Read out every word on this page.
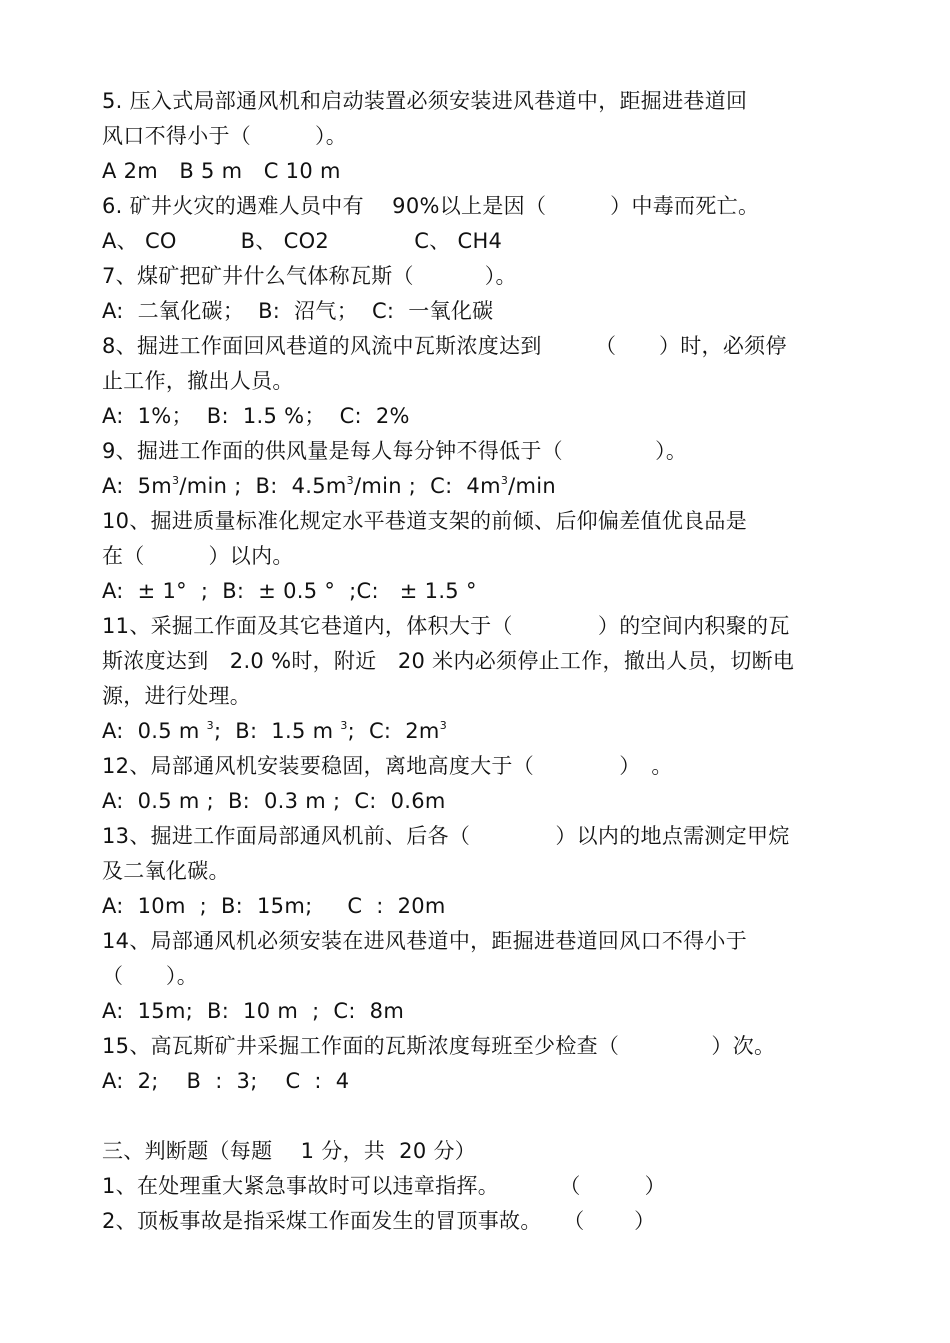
5. 压入式局部通风机和启动装置必须安装进风巷道中，距掘进巷道回
风口不得小于（　　　）。
A 2m　B 5 m　C 10 m
6. 矿井火灾的遇难人员中有　 90%以上是因（　　　）中毒而死亡。
A、 CO　　　B、 CO2　　　　C、 CH4
7、煤矿把矿井什么气体称瓦斯（　　　 ）。
A:  二氧化碳；  B:  沼气；  C:  一氧化碳
8、掘进工作面回风巷道的风流中瓦斯浓度达到　　　（　　）时，必须停
止工作，撤出人员。
A:  1%；  B:  1.5 %；  C:  2%
9、掘进工作面的供风量是每人每分钟不得低于（　　　　 ）。
A:  $5m^3/\min$ ;  B:  $4.5m^3/\min$ ;  C:  $4m^3/\min$
10、掘进质量标准化规定水平巷道支架的前倾、后仰偏差值优良品是
在（　　　）以内。
A:  ± 1°  ;  B:  ± 0.5 °  ;C:   ± 1.5 °
11、采掘工作面及其它巷道内，体积大于（　　　　）的空间内积聚的瓦
斯浓度达到　2.0 %时，附近　20 米内必须停止工作，撤出人员，切断电
源，进行处理。
A:  0.5 m $^3$;  B:  1.5 m $^3$;  C:  $2m^3$
12、局部通风机安装要稳固，离地高度大于（　　　　）　。
A:  0.5 m ;  B:  0.3 m ;  C:  0.6m
13、掘进工作面局部通风机前、后各（　　　　）以内的地点需测定甲烷
及二氧化碳。
A:  10m  ;  B:  15m;     C  :  20m
14、局部通风机必须安装在进风巷道中，距掘进巷道回风口不得小于
（　　）。
A:  15m;  B:  10 m  ;  C:  8m
15、高瓦斯矿井采掘工作面的瓦斯浓度每班至少检查（　　　　 ）次。
A:  2;    B  :  3;    C  :  4
三、判断题（每题　 1 分，共  20 分）
1、在处理重大紧急事故时可以违章指挥。　　　 （　　　）
2、顶板事故是指采煤工作面发生的冒顶事故。　　（　　 ）
